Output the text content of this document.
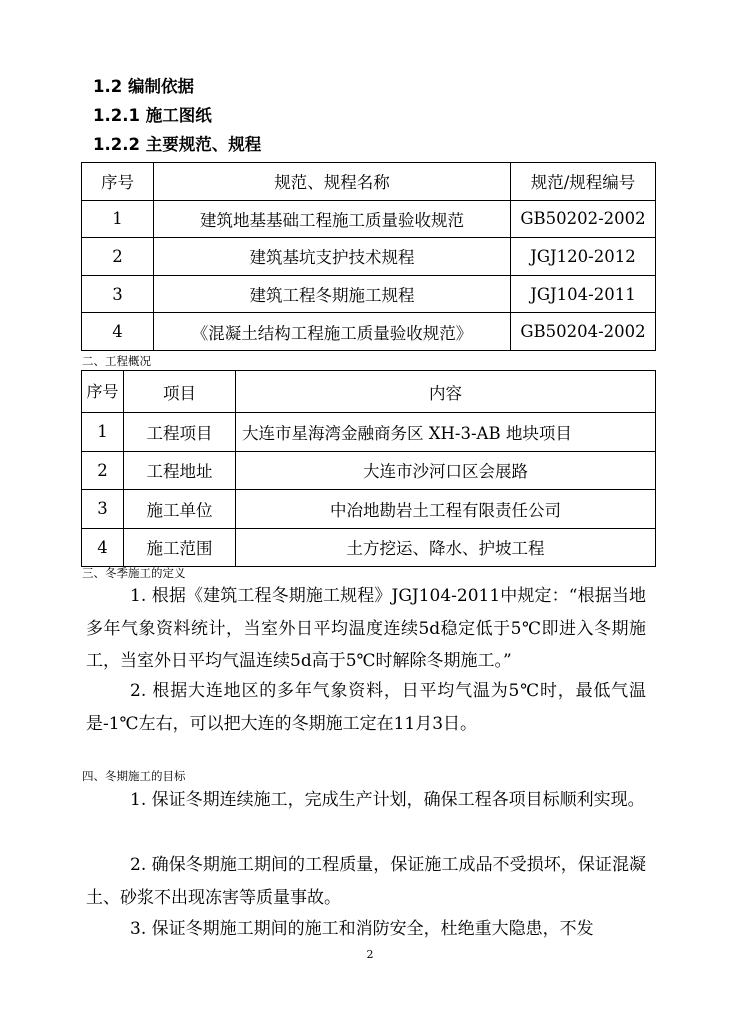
1.2 编制依据
1.2.1 施工图纸
1.2.2 主要规范、规程
序号	规范、规程名称	规范/规程编号
1	建筑地基基础工程施工质量验收规范	GB50202-2002
2	建筑基坑支护技术规程	JGJ120-2012
3	建筑工程冬期施工规程	JGJ104-2011
4	《混凝土结构工程施工质量验收规范》	GB50204-2002
二、工程概况
序号	项目	内容
1	工程项目	大连市星海湾金融商务区 XH-3-AB 地块项目
2	工程地址	大连市沙河口区会展路
3	施工单位	中冶地勘岩土工程有限责任公司
4	施工范围	土方挖运、降水、护坡工程
三、冬季施工的定义
1. 根据《建筑工程冬期施工规程》JGJ104-2011中规定：“根据当地多年气象资料统计，当室外日平均温度连续5d稳定低于5℃即进入冬期施工，当室外日平均气温连续5d高于5℃时解除冬期施工。”
2. 根据大连地区的多年气象资料，日平均气温为5℃时，最低气温是-1℃左右，可以把大连的冬期施工定在11月3日。
四、冬期施工的目标
1. 保证冬期连续施工，完成生产计划，确保工程各项目标顺利实现。
2. 确保冬期施工期间的工程质量，保证施工成品不受损坏，保证混凝土、砂浆不出现冻害等质量事故。
3. 保证冬期施工期间的施工和消防安全，杜绝重大隐患，不发
2
